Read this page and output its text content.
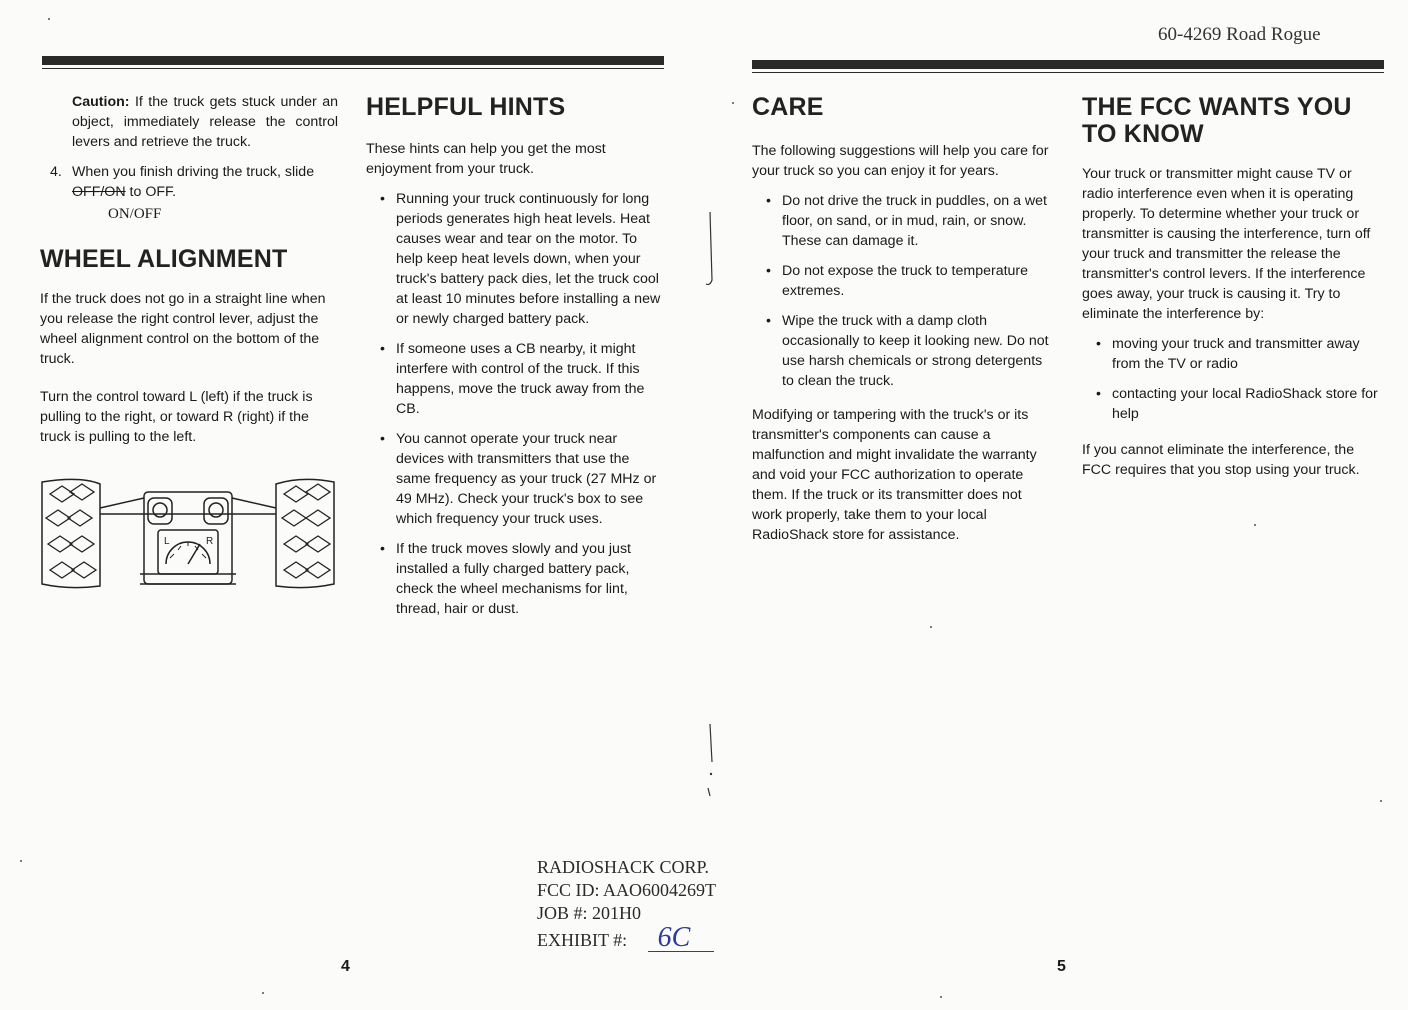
60-4269 Road Rogue

Caution: If the truck gets stuck under an object, immediately release the control levers and retrieve the truck.

4. When you finish driving the truck, slide OFF/ON to OFF.
ON/OFF
WHEEL ALIGNMENT

If the truck does not go in a straight line when you release the right control lever, adjust the wheel alignment control on the bottom of the truck.

Turn the control toward L (left) if the truck is pulling to the right, or toward R (right) if the truck is pulling to the left.

L	R
HELPFUL HINTS

These hints can help you get the most enjoyment from your truck.

• Running your truck continuously for long periods generates high heat levels. Heat causes wear and tear on the motor. To help keep heat levels down, when your truck's battery pack dies, let the truck cool at least 10 minutes before installing a new or newly charged battery pack.
• If someone uses a CB nearby, it might interfere with control of the truck. If this happens, move the truck away from the CB.
• You cannot operate your truck near devices with transmitters that use the same frequency as your truck (27 MHz or 49 MHz). Check your truck's box to see which frequency your truck uses.
• If the truck moves slowly and you just installed a fully charged battery pack, check the wheel mechanisms for lint, thread, hair or dust.
CARE

The following suggestions will help you care for your truck so you can enjoy it for years.

• Do not drive the truck in puddles, on a wet floor, on sand, or in mud, rain, or snow. These can damage it.
• Do not expose the truck to temperature extremes.
• Wipe the truck with a damp cloth occasionally to keep it looking new. Do not use harsh chemicals or strong detergents to clean the truck.

Modifying or tampering with the truck's or its transmitter's components can cause a malfunction and might invalidate the warranty and void your FCC authorization to operate them. If the truck or its transmitter does not work properly, take them to your local RadioShack store for assistance.

THE FCC WANTS YOU TO KNOW

Your truck or transmitter might cause TV or radio interference even when it is operating properly. To determine whether your truck or transmitter is causing the interference, turn off your truck and transmitter the release the transmitter's control levers. If the interference goes away, your truck is causing it. Try to eliminate the interference by:

• moving your truck and transmitter away from the TV or radio
• contacting your local RadioShack store for help

If you cannot eliminate the interference, the FCC requires that you stop using your truck.

4	5
RADIOSHACK CORP.
FCC ID: AAO6004269T
JOB #: 201H0
EXHIBIT #: 6C
